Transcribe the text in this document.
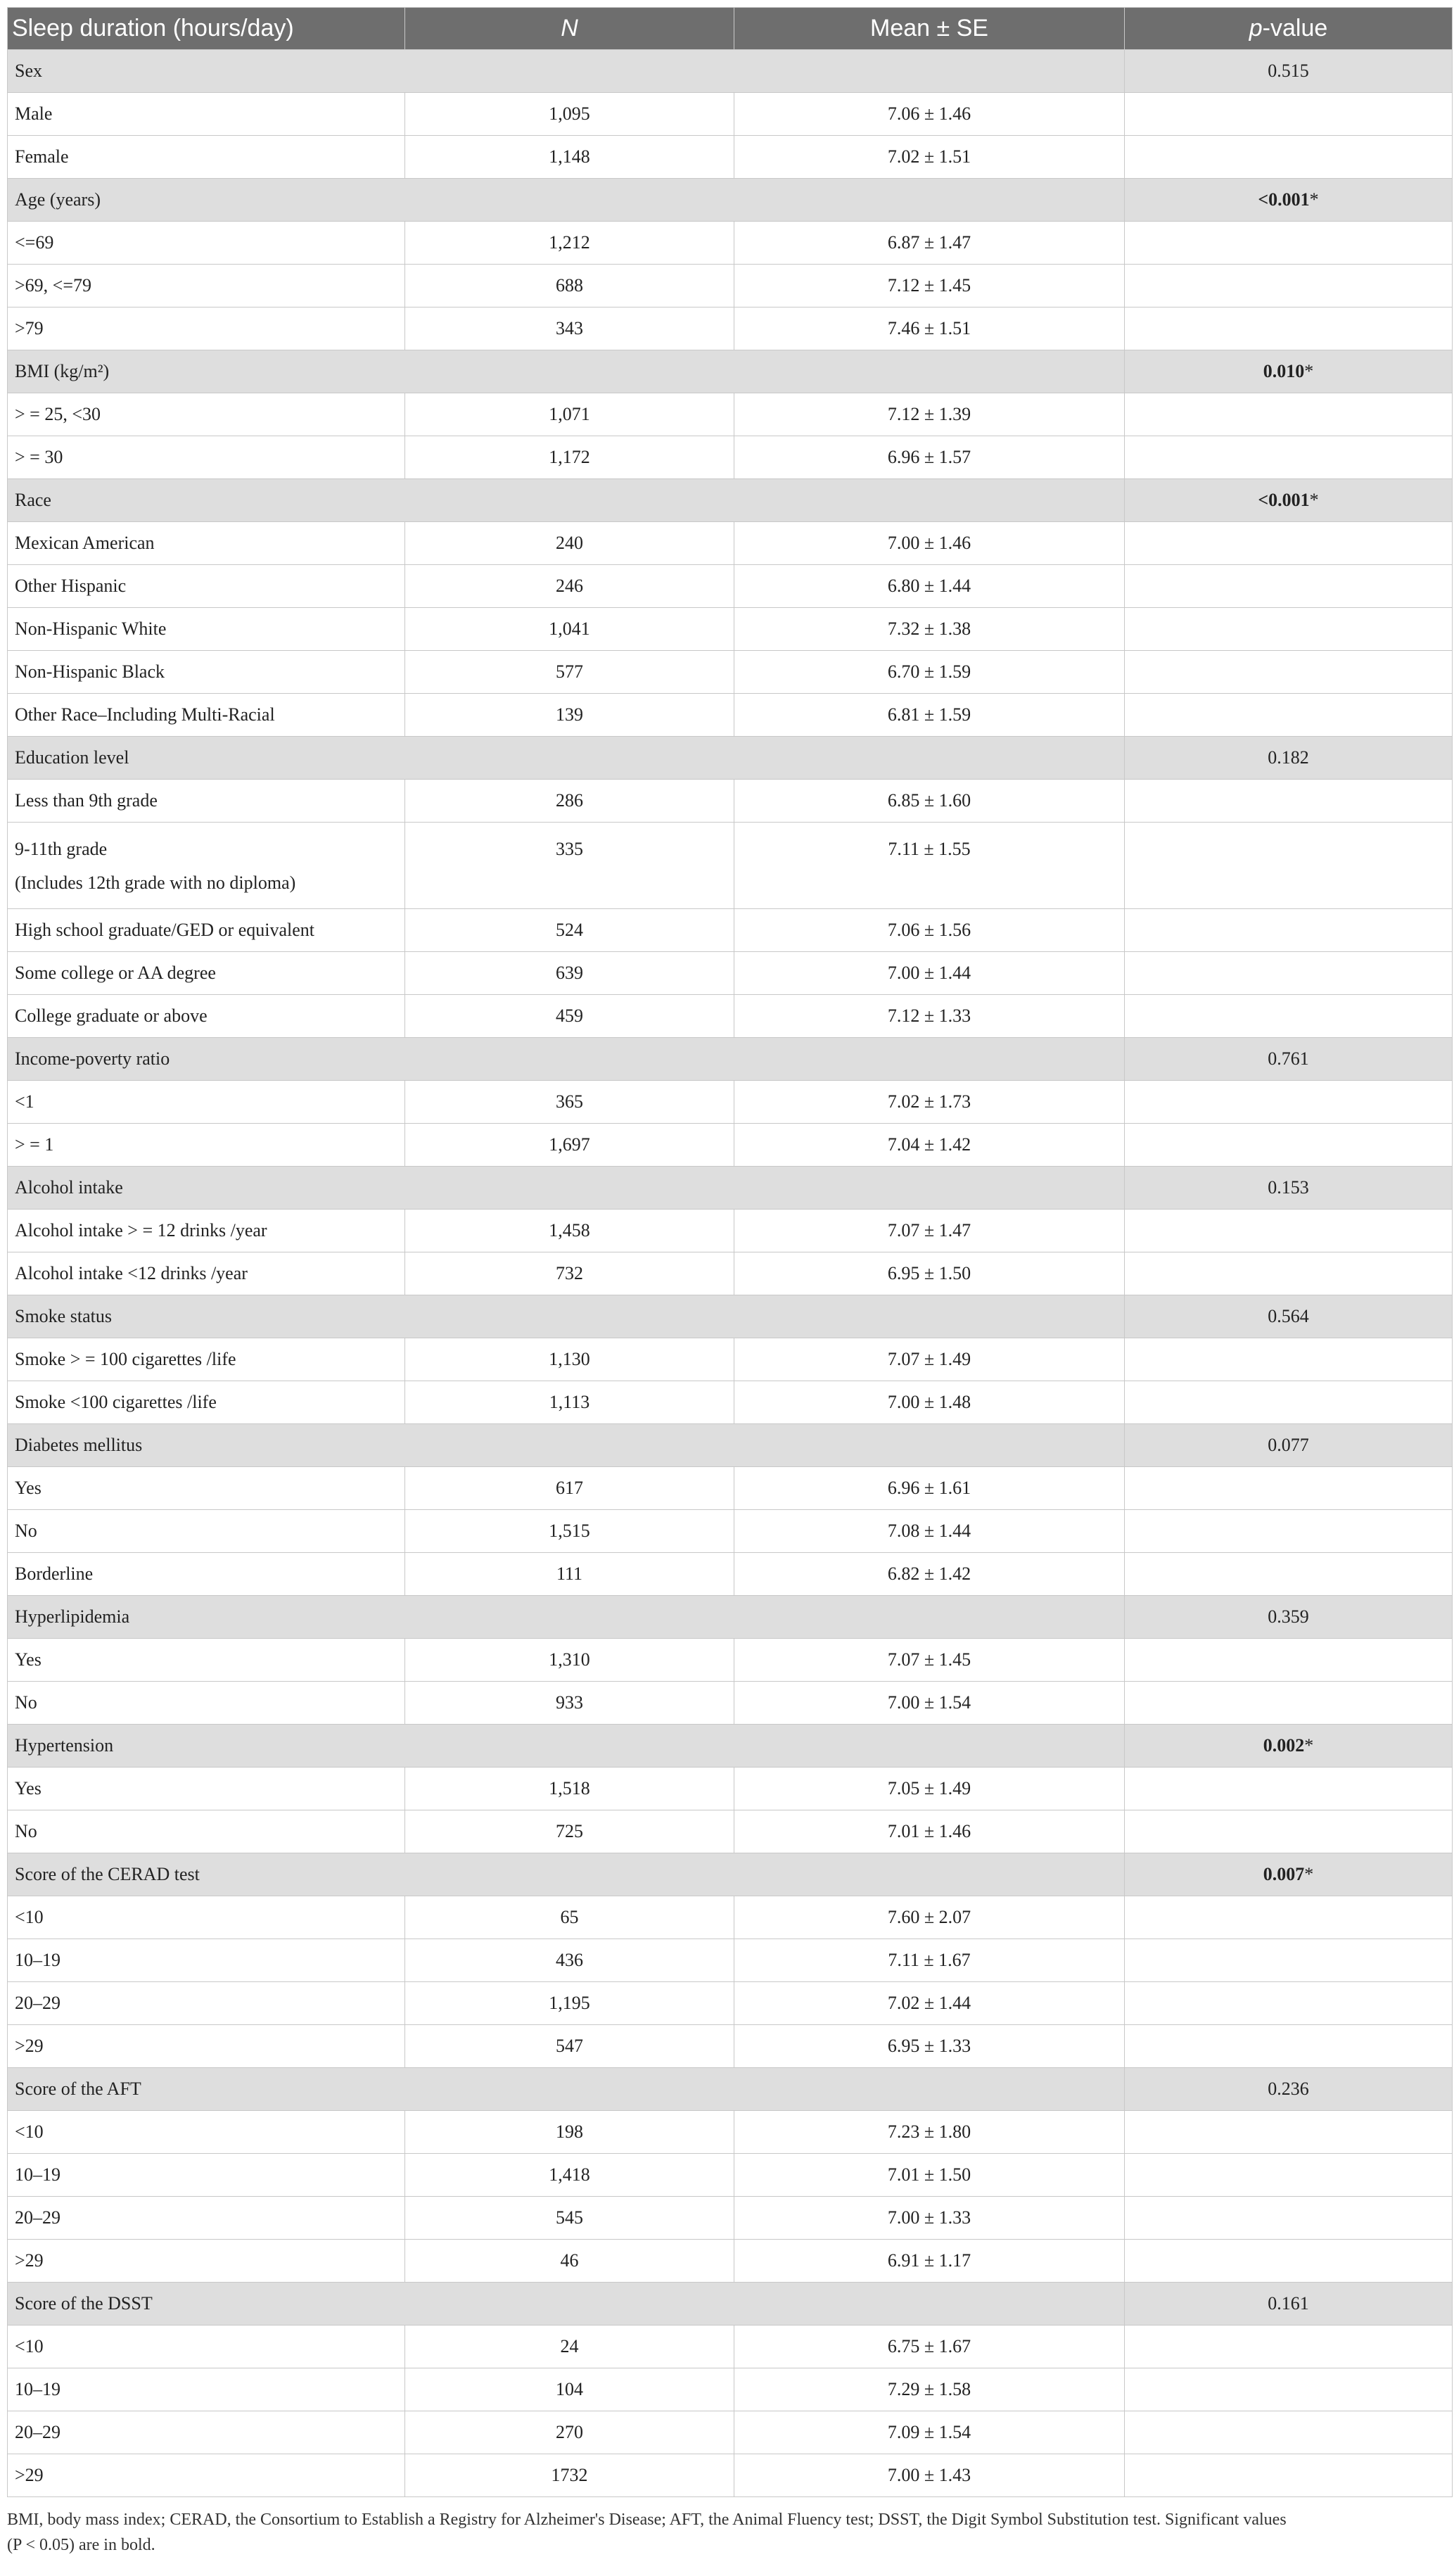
Sleep duration (hours/day)	N	Mean ± SE	p-value
Sex			0.515

Male	1,095	7.06 ± 1.46	

Female	1,148	7.02 ± 1.51	
Age (years)			<0.001*

<=69	1,212	6.87 ± 1.47	

>69, <=79	688	7.12 ± 1.45	

>79	343	7.46 ± 1.51	
BMI (kg/m²)			0.010*

> = 25, <30	1,071	7.12 ± 1.39	

> = 30	1,172	6.96 ± 1.57	
Race			<0.001*

Mexican American	240	7.00 ± 1.46	

Other Hispanic	246	6.80 ± 1.44	

Non-Hispanic White	1,041	7.32 ± 1.38	

Non-Hispanic Black	577	6.70 ± 1.59	

Other Race–Including Multi-Racial	139	6.81 ± 1.59	
Education level			0.182

Less than 9th grade	286	6.85 ± 1.60	

9-11th grade
(Includes 12th grade with no diploma)	335	7.11 ± 1.55	

High school graduate/GED or equivalent	524	7.06 ± 1.56	

Some college or AA degree	639	7.00 ± 1.44	

College graduate or above	459	7.12 ± 1.33	
Income-poverty ratio			0.761

<1	365	7.02 ± 1.73	

> = 1	1,697	7.04 ± 1.42	
Alcohol intake			0.153

Alcohol intake > = 12 drinks /year	1,458	7.07 ± 1.47	

Alcohol intake <12 drinks /year	732	6.95 ± 1.50	
Smoke status			0.564

Smoke > = 100 cigarettes /life	1,130	7.07 ± 1.49	

Smoke <100 cigarettes /life	1,113	7.00 ± 1.48	
Diabetes mellitus			0.077

Yes	617	6.96 ± 1.61	

No	1,515	7.08 ± 1.44	

Borderline	111	6.82 ± 1.42	
Hyperlipidemia			0.359

Yes	1,310	7.07 ± 1.45	

No	933	7.00 ± 1.54	
Hypertension			0.002*

Yes	1,518	7.05 ± 1.49	

No	725	7.01 ± 1.46	
Score of the CERAD test			0.007*

<10	65	7.60 ± 2.07	

10–19	436	7.11 ± 1.67	

20–29	1,195	7.02 ± 1.44	

>29	547	6.95 ± 1.33	
Score of the AFT			0.236

<10	198	7.23 ± 1.80	

10–19	1,418	7.01 ± 1.50	

20–29	545	7.00 ± 1.33	

>29	46	6.91 ± 1.17	
Score of the DSST			0.161

<10	24	6.75 ± 1.67	

10–19	104	7.29 ± 1.58	

20–29	270	7.09 ± 1.54	

>29	1732	7.00 ± 1.43	
BMI, body mass index; CERAD, the Consortium to Establish a Registry for Alzheimer's Disease; AFT, the Animal Fluency test; DSST, the Digit Symbol Substitution test. Significant values
(P < 0.05) are in bold.
